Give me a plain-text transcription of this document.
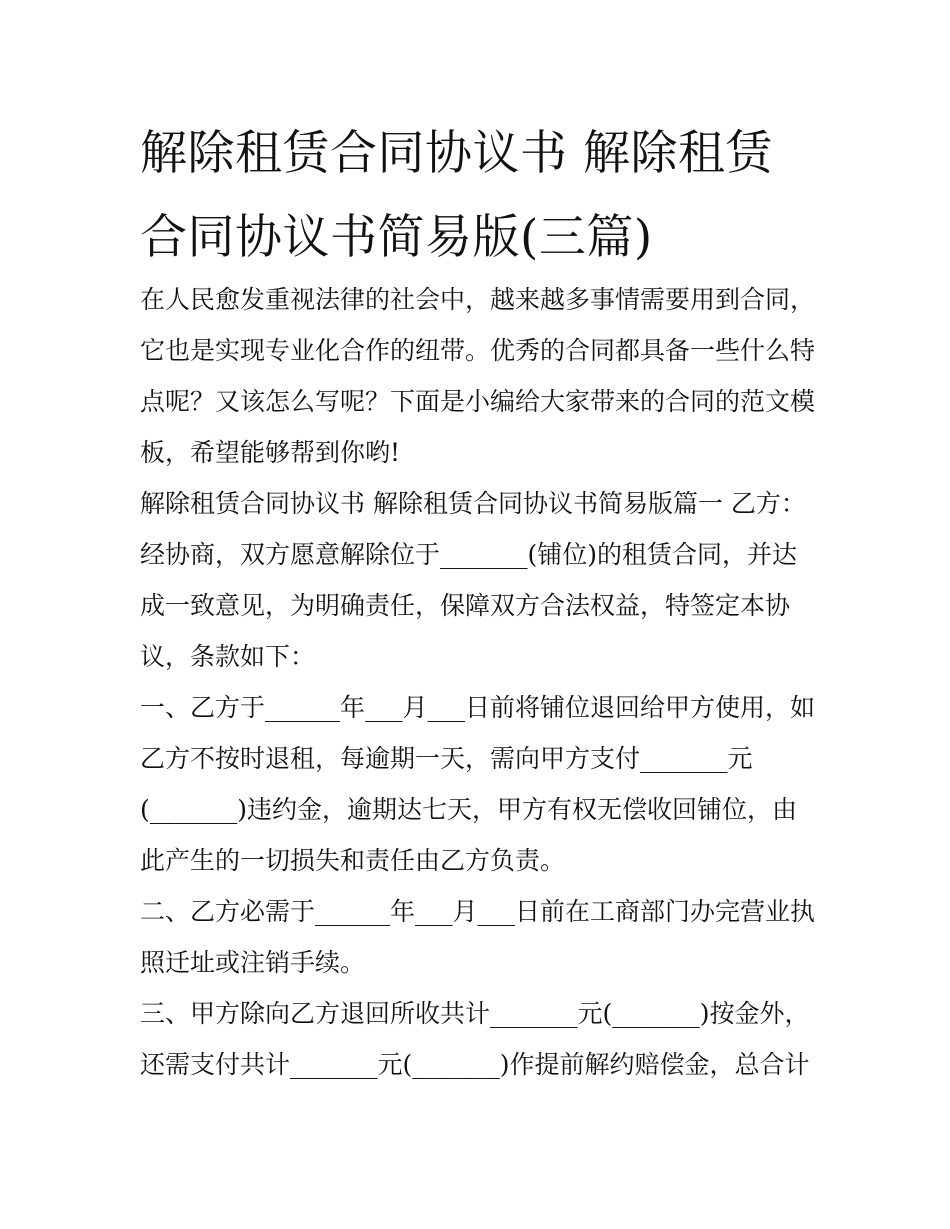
解除租赁合同协议书 解除租赁
合同协议书简易版(三篇)
在人民愈发重视法律的社会中，越来越多事情需要用到合同，
它也是实现专业化合作的纽带。优秀的合同都具备一些什么特
点呢？又该怎么写呢？下面是小编给大家带来的合同的范文模
板，希望能够帮到你哟!
解除租赁合同协议书 解除租赁合同协议书简易版篇一 乙方：
经协商，双方愿意解除位于_______(铺位)的租赁合同，并达
成一致意见，为明确责任，保障双方合法权益，特签定本协
议，条款如下：
一、乙方于______年___月___日前将铺位退回给甲方使用，如
乙方不按时退租，每逾期一天，需向甲方支付_______元
(_______)违约金，逾期达七天，甲方有权无偿收回铺位，由
此产生的一切损失和责任由乙方负责。
二、乙方必需于______年___月___日前在工商部门办完营业执
照迁址或注销手续。
三、甲方除向乙方退回所收共计_______元(_______)按金外，
还需支付共计_______元(_______)作提前解约赔偿金，总合计
